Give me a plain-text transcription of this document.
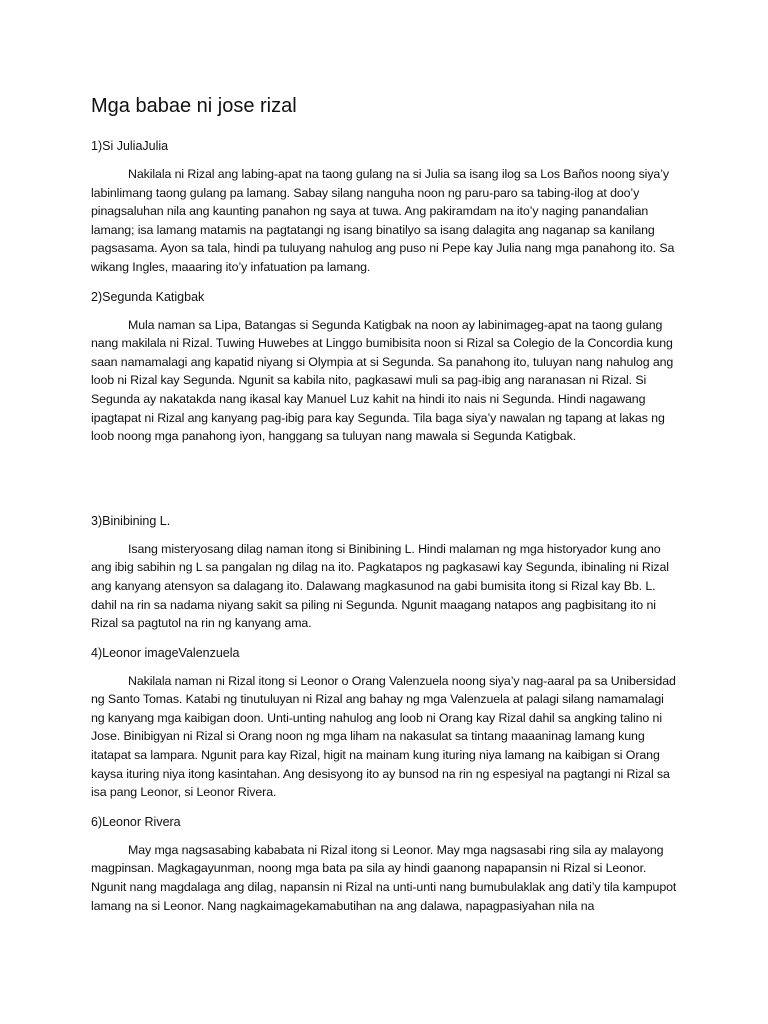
Mga babae ni jose rizal
1)Si JuliaJulia

Nakilala ni Rizal ang labing-apat na taong gulang na si Julia sa isang ilog sa Los Baños noong siya’y labinlimang taong gulang pa lamang. Sabay silang nanguha noon ng paru-paro sa tabing-ilog at doo’y pinagsaluhan nila ang kaunting panahon ng saya at tuwa. Ang pakiramdam na ito’y naging panandalian lamang; isa lamang matamis na pagtatangi ng isang binatilyo sa isang dalagita ang naganap sa kanilang pagsasama. Ayon sa tala, hindi pa tuluyang nahulog ang puso ni Pepe kay Julia nang mga panahong ito. Sa wikang Ingles, maaaring ito’y infatuation pa lamang.

2)Segunda Katigbak

Mula naman sa Lipa, Batangas si Segunda Katigbak na noon ay labinimageg-apat na taong gulang nang makilala ni Rizal. Tuwing Huwebes at Linggo bumibisita noon si Rizal sa Colegio de la Concordia kung saan namamalagi ang kapatid niyang si Olympia at si Segunda. Sa panahong ito, tuluyan nang nahulog ang loob ni Rizal kay Segunda. Ngunit sa kabila nito, pagkasawi muli sa pag-ibig ang naranasan ni Rizal. Si Segunda ay nakatakda nang ikasal kay Manuel Luz kahit na hindi ito nais ni Segunda. Hindi nagawang ipagtapat ni Rizal ang kanyang pag-ibig para kay Segunda. Tila baga siya’y nawalan ng tapang at lakas ng loob noong mga panahong iyon, hanggang sa tuluyan nang mawala si Segunda Katigbak.

3)Binibining L.

Isang misteryosang dilag naman itong si Binibining L. Hindi malaman ng mga historyador kung ano ang ibig sabihin ng L sa pangalan ng dilag na ito. Pagkatapos ng pagkasawi kay Segunda, ibinaling ni Rizal ang kanyang atensyon sa dalagang ito. Dalawang magkasunod na gabi bumisita itong si Rizal kay Bb. L. dahil na rin sa nadama niyang sakit sa piling ni Segunda. Ngunit maagang natapos ang pagbisitang ito ni Rizal sa pagtutol na rin ng kanyang ama.

4)Leonor imageValenzuela

Nakilala naman ni Rizal itong si Leonor o Orang Valenzuela noong siya’y nag-aaral pa sa Unibersidad ng Santo Tomas. Katabi ng tinutuluyan ni Rizal ang bahay ng mga Valenzuela at palagi silang namamalagi ng kanyang mga kaibigan doon. Unti-unting nahulog ang loob ni Orang kay Rizal dahil sa angking talino ni Jose. Binibigyan ni Rizal si Orang noon ng mga liham na nakasulat sa tintang maaaninag lamang kung itatapat sa lampara. Ngunit para kay Rizal, higit na mainam kung ituring niya lamang na kaibigan si Orang kaysa ituring niya itong kasintahan. Ang desisyong ito ay bunsod na rin ng espesiyal na pagtangi ni Rizal sa isa pang Leonor, si Leonor Rivera.

6)Leonor Rivera

May mga nagsasabing kababata ni Rizal itong si Leonor. May mga nagsasabi ring sila ay malayong magpinsan. Magkagayunman, noong mga bata pa sila ay hindi gaanong napapansin ni Rizal si Leonor. Ngunit nang magdalaga ang dilag, napansin ni Rizal na unti-unti nang bumubulaklak ang dati’y tila kampupot lamang na si Leonor. Nang nagkaimagekamabutihan na ang dalawa, napagpasiyahan nila na
